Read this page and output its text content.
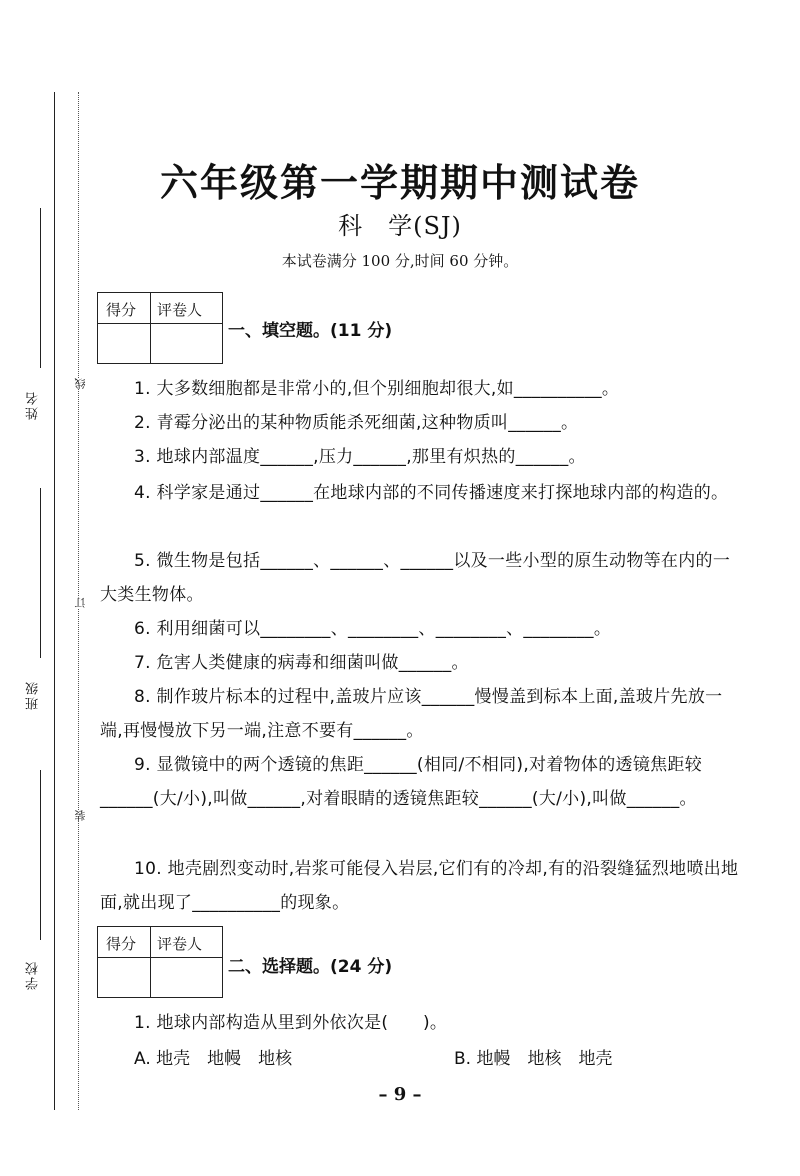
姓名
班级
学校
线
订
装
六年级第一学期期中测试卷
科　学(SJ)
本试卷满分 100 分,时间 60 分钟。
得分 评卷人
一、填空题。(11 分)
1. 大多数细胞都是非常小的,但个别细胞却很大,如__________。
2. 青霉分泌出的某种物质能杀死细菌,这种物质叫______。
3. 地球内部温度______,压力______,那里有炽热的______。
4. 科学家是通过______在地球内部的不同传播速度来打探地球内部的构造的。
5. 微生物是包括______、______、______以及一些小型的原生动物等在内的一大类生物体。
6. 利用细菌可以________、________、________、________。
7. 危害人类健康的病毒和细菌叫做______。
8. 制作玻片标本的过程中,盖玻片应该______慢慢盖到标本上面,盖玻片先放一端,再慢慢放下另一端,注意不要有______。
9. 显微镜中的两个透镜的焦距______(相同/不相同),对着物体的透镜焦距较______(大/小),叫做______,对着眼睛的透镜焦距较______(大/小),叫做______。
10. 地壳剧烈变动时,岩浆可能侵入岩层,它们有的冷却,有的沿裂缝猛烈地喷出地面,就出现了__________的现象。
得分 评卷人
二、选择题。(24 分)
1. 地球内部构造从里到外依次是(　　)。
A. 地壳　地幔　地核	B. 地幔　地核　地壳
– 9 –
